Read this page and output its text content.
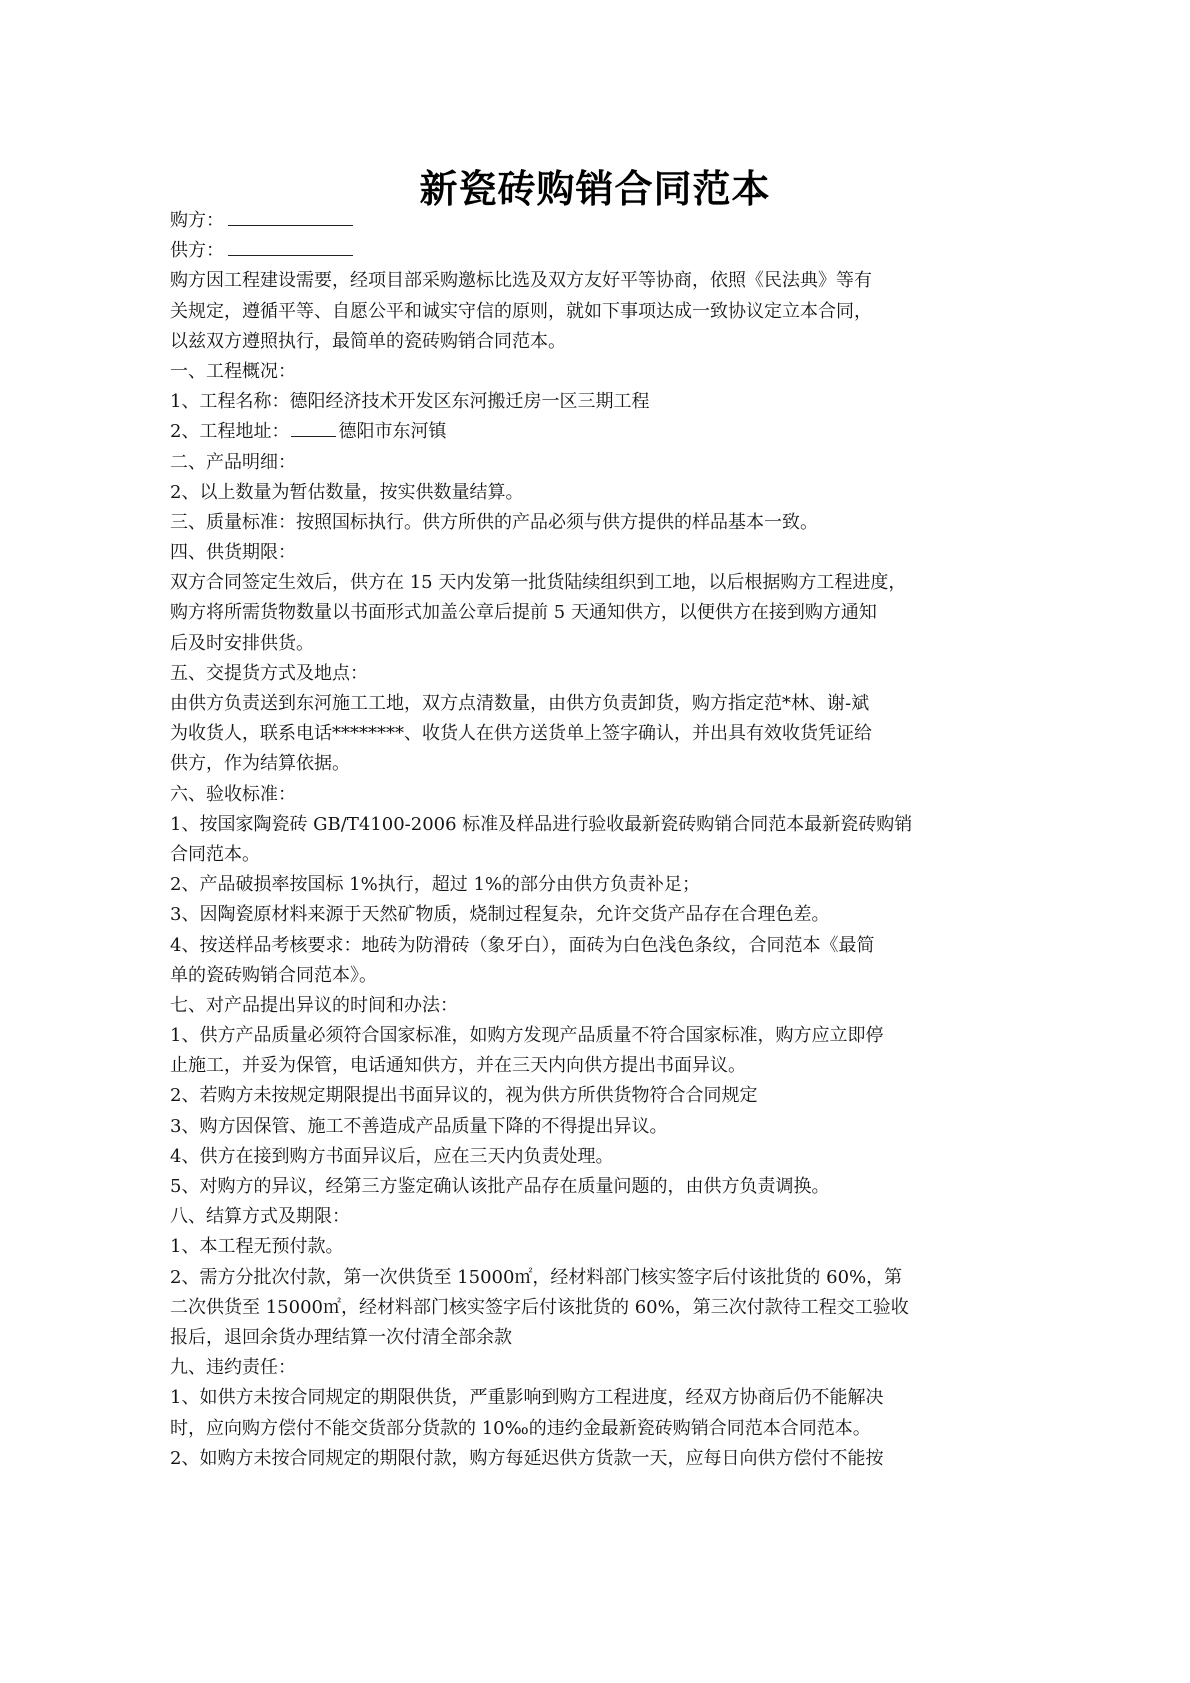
新瓷砖购销合同范本
购方：
供方：
购方因工程建设需要，经项目部采购邀标比选及双方友好平等协商，依照《民法典》等有
关规定，遵循平等、自愿公平和诚实守信的原则，就如下事项达成一致协议定立本合同，
以兹双方遵照执行，最简单的瓷砖购销合同范本。
一、工程概况：
1、工程名称：德阳经济技术开发区东河搬迁房一区三期工程
2、工程地址：	德阳市东河镇
二、产品明细：
2、以上数量为暂估数量，按实供数量结算。
三、质量标准：按照国标执行。供方所供的产品必须与供方提供的样品基本一致。
四、供货期限：
双方合同签定生效后，供方在 15 天内发第一批货陆续组织到工地，以后根据购方工程进度，
购方将所需货物数量以书面形式加盖公章后提前 5 天通知供方，以便供方在接到购方通知
后及时安排供货。
五、交提货方式及地点：
由供方负责送到东河施工工地，双方点清数量，由供方负责卸货，购方指定范*林、谢-斌
为收货人，联系电话********、收货人在供方送货单上签字确认，并出具有效收货凭证给
供方，作为结算依据。
六、验收标准：
1、按国家陶瓷砖 GB/T4100-2006 标准及样品进行验收最新瓷砖购销合同范本最新瓷砖购销
合同范本。
2、产品破损率按国标 1%执行，超过 1%的部分由供方负责补足；
3、因陶瓷原材料来源于天然矿物质，烧制过程复杂，允许交货产品存在合理色差。
4、按送样品考核要求：地砖为防滑砖（象牙白），面砖为白色浅色条纹，合同范本《最简
单的瓷砖购销合同范本》。
七、对产品提出异议的时间和办法：
1、供方产品质量必须符合国家标准，如购方发现产品质量不符合国家标准，购方应立即停
止施工，并妥为保管，电话通知供方，并在三天内向供方提出书面异议。
2、若购方未按规定期限提出书面异议的，视为供方所供货物符合合同规定
3、购方因保管、施工不善造成产品质量下降的不得提出异议。
4、供方在接到购方书面异议后，应在三天内负责处理。
5、对购方的异议，经第三方鉴定确认该批产品存在质量问题的，由供方负责调换。
八、结算方式及期限：
1、本工程无预付款。
2、需方分批次付款，第一次供货至 15000㎡，经材料部门核实签字后付该批货的 60%，第
二次供货至 15000㎡，经材料部门核实签字后付该批货的 60%，第三次付款待工程交工验收
报后，退回余货办理结算一次付清全部余款
九、违约责任：
1、如供方未按合同规定的期限供货，严重影响到购方工程进度，经双方协商后仍不能解决
时，应向购方偿付不能交货部分货款的 10‰的违约金最新瓷砖购销合同范本合同范本。
2、如购方未按合同规定的期限付款，购方每延迟供方货款一天，应每日向供方偿付不能按
